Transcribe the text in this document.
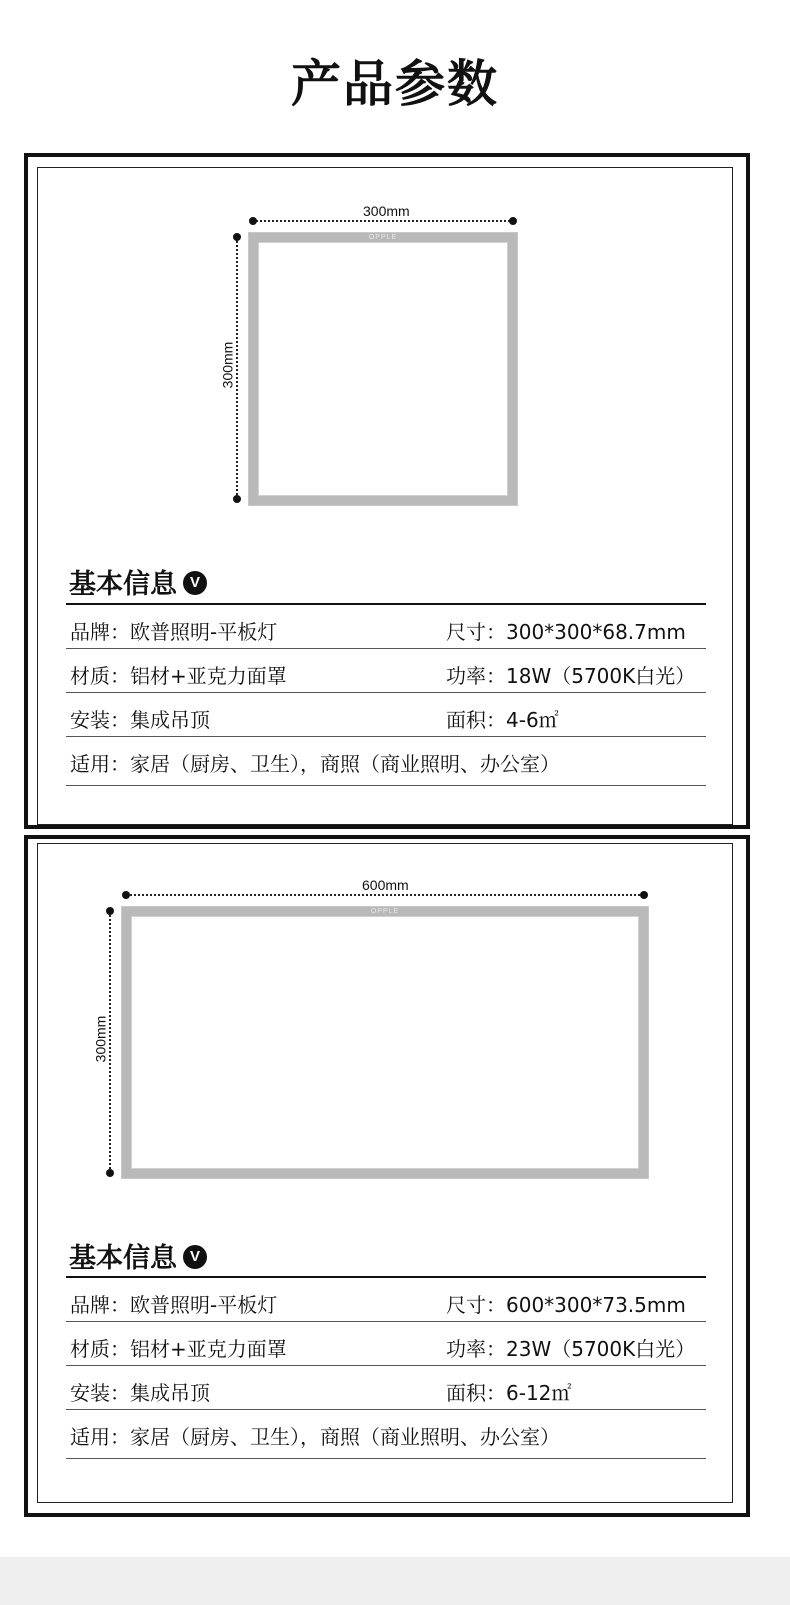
产品参数
300mm
300mm
OPPLE
基本信息 V
品牌：欧普照明-平板灯	尺寸：300*300*68.7mm
材质：铝材+亚克力面罩	功率：18W（5700K白光）
安装：集成吊顶	面积：4-6㎡
适用：家居（厨房、卫生），商照（商业照明、办公室）
600mm
300mm
OPPLE
基本信息 V
品牌：欧普照明-平板灯	尺寸：600*300*73.5mm
材质：铝材+亚克力面罩	功率：23W（5700K白光）
安装：集成吊顶	面积：6-12㎡
适用：家居（厨房、卫生），商照（商业照明、办公室）
